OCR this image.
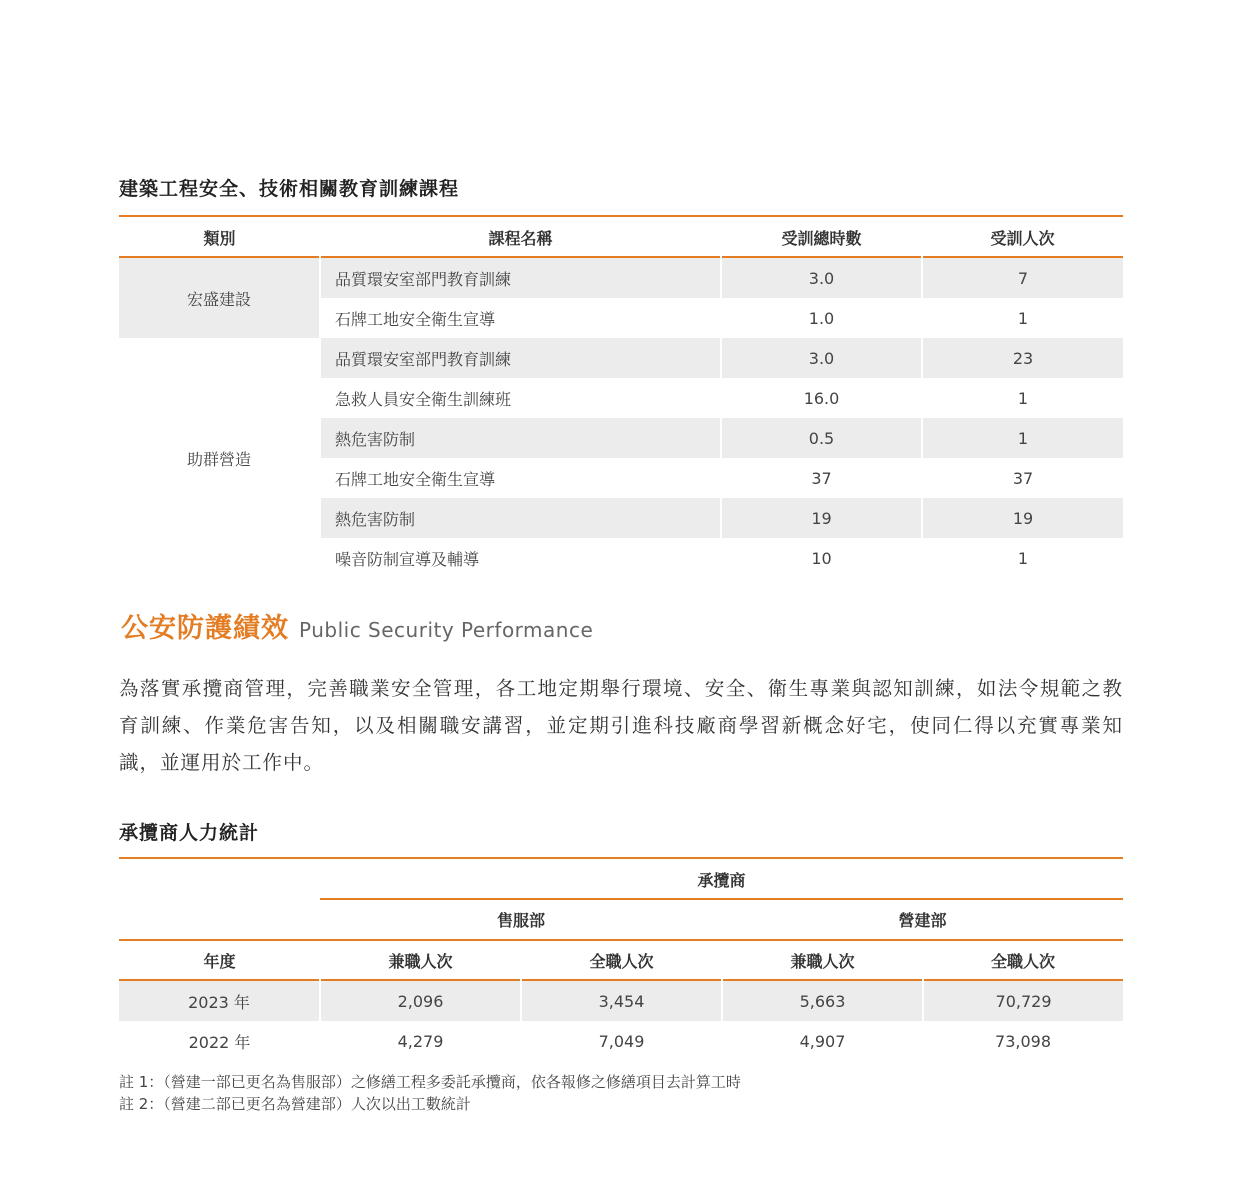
建築工程安全、技術相關教育訓練課程
類別	課程名稱	受訓總時數	受訓人次
宏盛建設	品質環安室部門教育訓練	3.0	7
	石牌工地安全衛生宣導	1.0	1
助群營造	品質環安室部門教育訓練	3.0	23
	急救人員安全衛生訓練班	16.0	1
	熱危害防制	0.5	1
	石牌工地安全衛生宣導	37	37
	熱危害防制	19	19
	噪音防制宣導及輔導	10	1
公安防護績效 Public Security Performance
為落實承攬商管理，完善職業安全管理，各工地定期舉行環境、安全、衛生專業與認知訓練，如法令規範之教育訓練、作業危害告知，以及相關職安講習，並定期引進科技廠商學習新概念好宅，使同仁得以充實專業知識，並運用於工作中。
承攬商人力統計
	承攬商			
	售服部		營建部	
年度	兼職人次	全職人次	兼職人次	全職人次
2023 年	2,096	3,454	5,663	70,729
2022 年	4,279	7,049	4,907	73,098
註 1：（營建一部已更名為售服部）之修繕工程多委託承攬商，依各報修之修繕項目去計算工時
註 2：（營建二部已更名為營建部）人次以出工數統計
